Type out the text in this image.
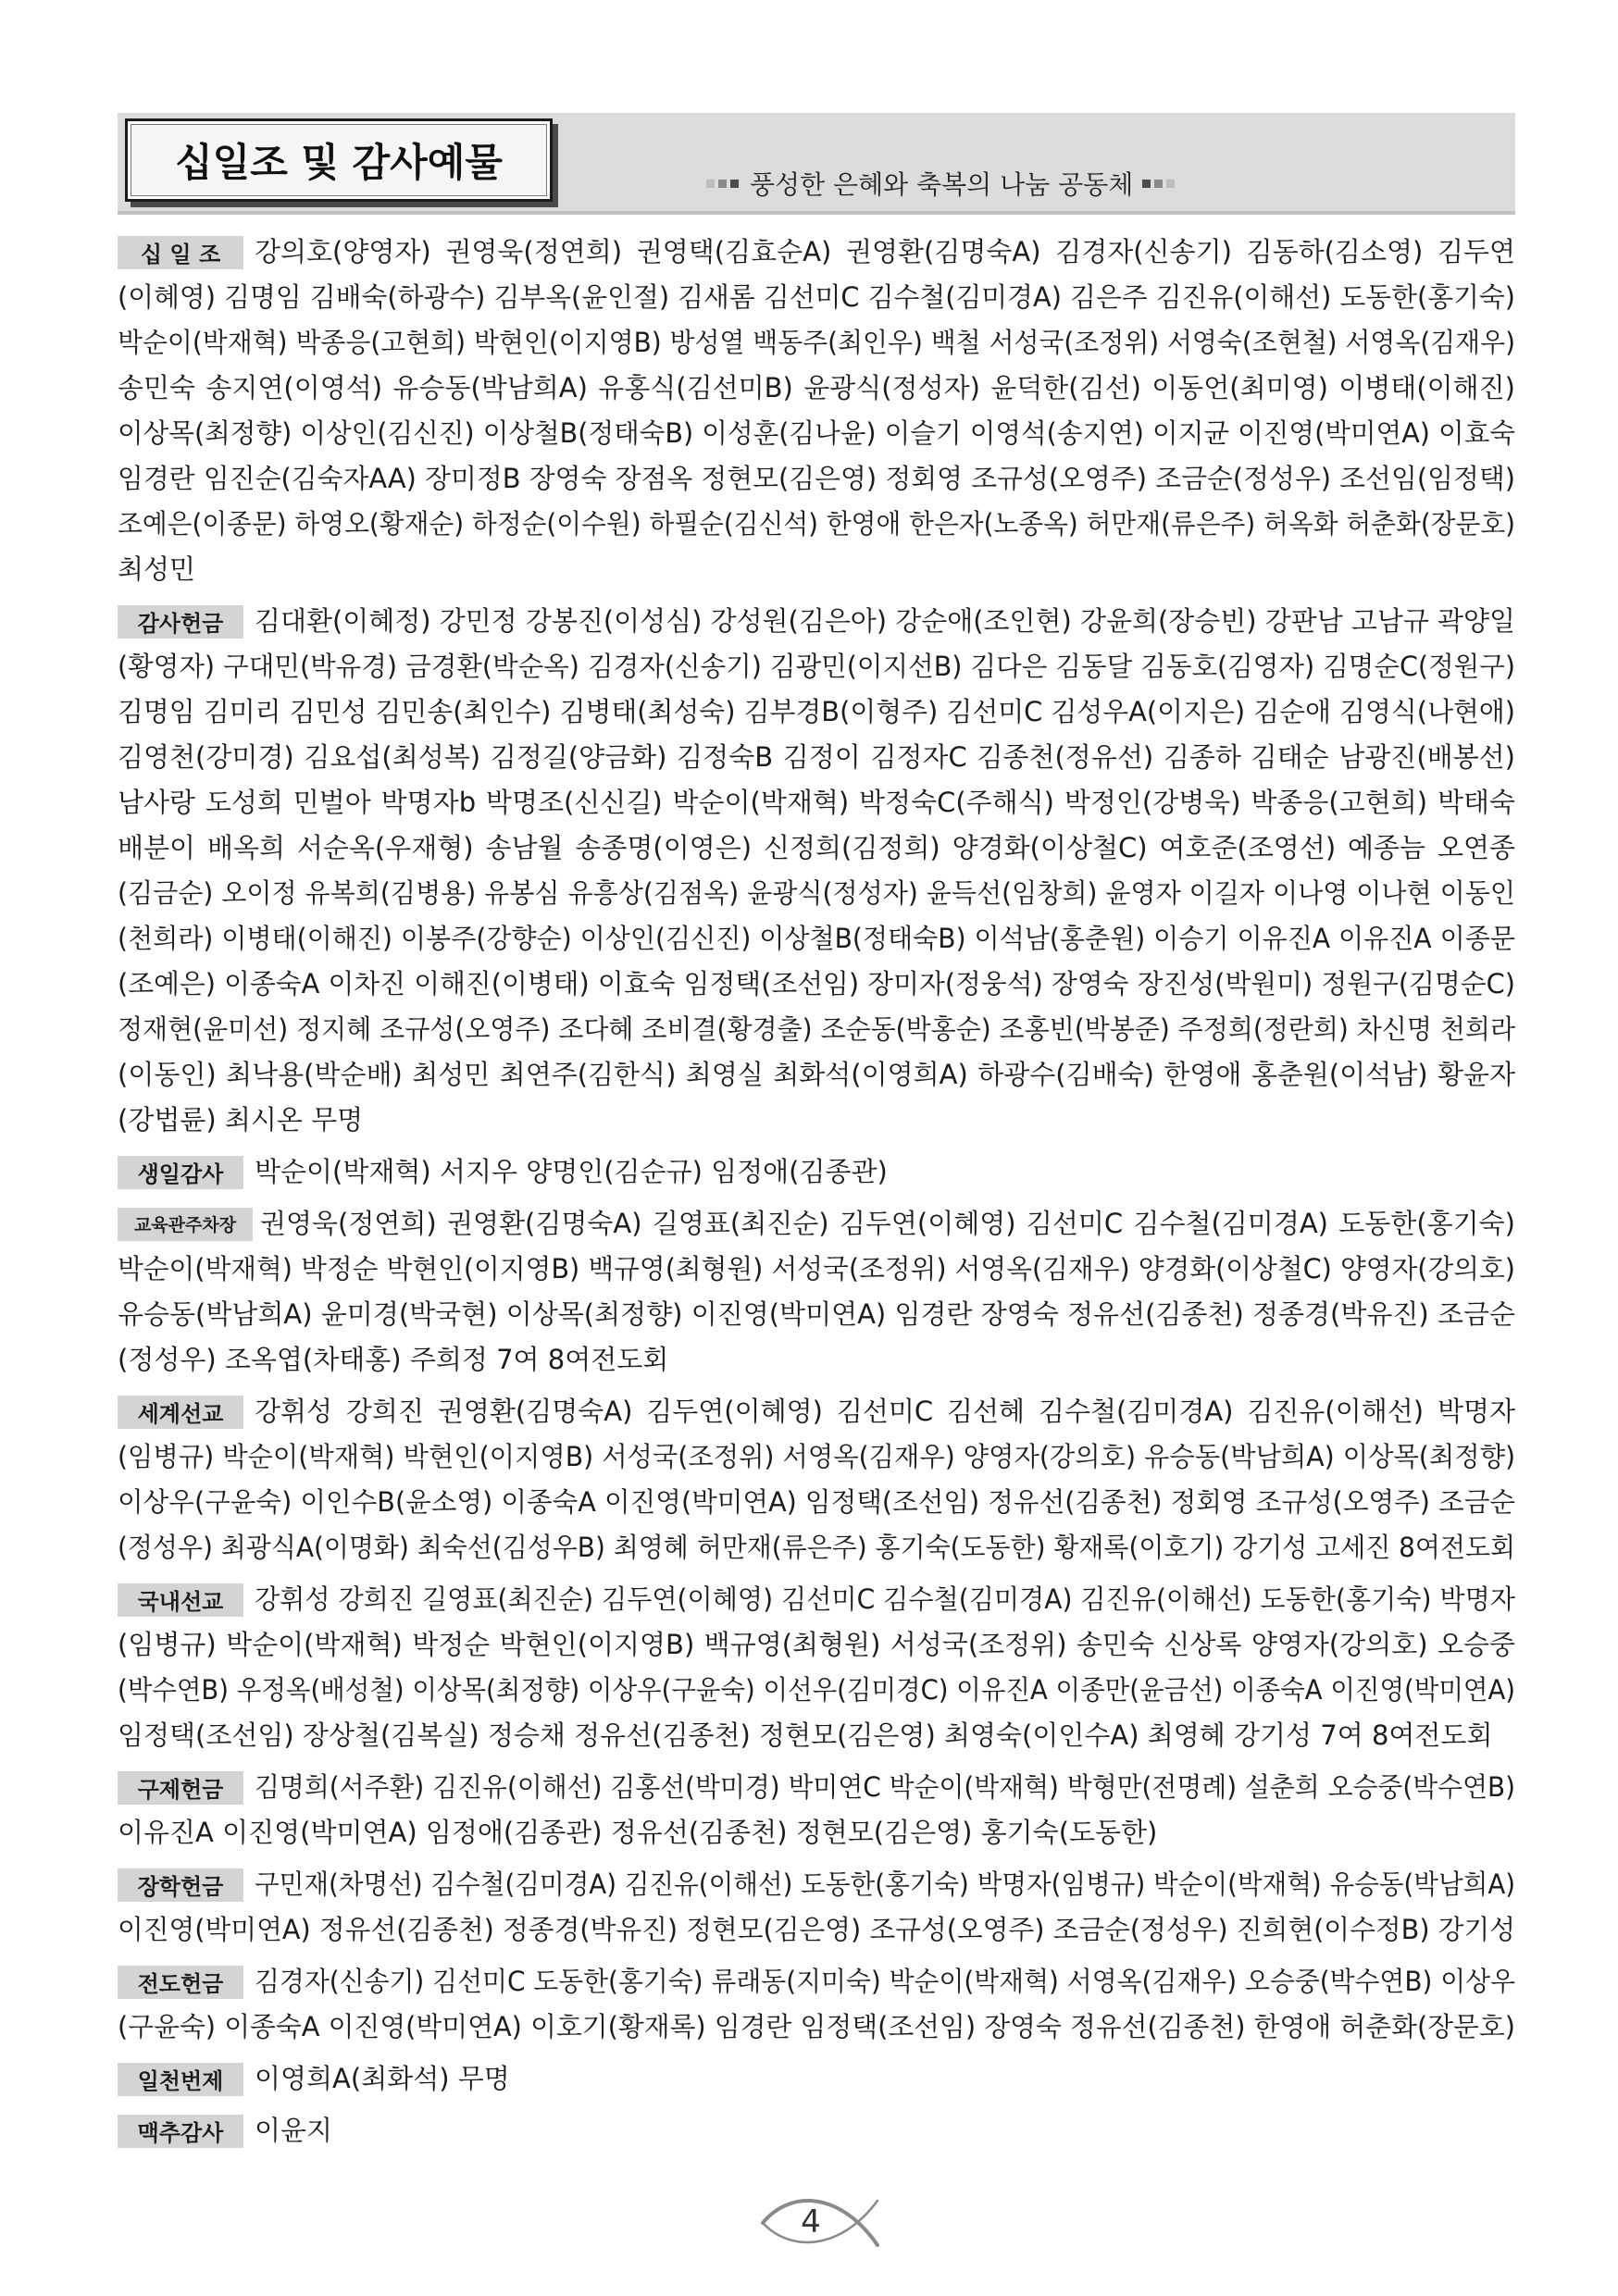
십일조 및 감사예물	풍성한 은혜와 축복의 나눔 공동체
십 일 조	강의호(양영자) 권영욱(정연희) 권영택(김효순A) 권영환(김명숙A) 김경자(신송기) 김동하(김소영) 김두연
(이혜영) 김명임 김배숙(하광수) 김부옥(윤인절) 김새롬 김선미C 김수철(김미경A) 김은주 김진유(이해선) 도동한(홍기숙)
박순이(박재혁) 박종응(고현희) 박현인(이지영B) 방성열 백동주(최인우) 백철 서성국(조정위) 서영숙(조현철) 서영옥(김재우)
송민숙 송지연(이영석) 유승동(박남희A) 유홍식(김선미B) 윤광식(정성자) 윤덕한(김선) 이동언(최미영) 이병태(이해진)
이상목(최정향) 이상인(김신진) 이상철B(정태숙B) 이성훈(김나윤) 이슬기 이영석(송지연) 이지균 이진영(박미연A) 이효숙
임경란 임진순(김숙자AA) 장미정B 장영숙 장점옥 정현모(김은영) 정회영 조규성(오영주) 조금순(정성우) 조선임(임정택)
조예은(이종문) 하영오(황재순) 하정순(이수원) 하필순(김신석) 한영애 한은자(노종옥) 허만재(류은주) 허옥화 허춘화(장문호)
최성민
감사헌금	김대환(이혜정) 강민정 강봉진(이성심) 강성원(김은아) 강순애(조인현) 강윤희(장승빈) 강판남 고남규 곽양일
(황영자) 구대민(박유경) 금경환(박순옥) 김경자(신송기) 김광민(이지선B) 김다은 김동달 김동호(김영자) 김명순C(정원구)
김명임 김미리 김민성 김민송(최인수) 김병태(최성숙) 김부경B(이형주) 김선미C 김성우A(이지은) 김순애 김영식(나현애)
김영천(강미경) 김요섭(최성복) 김정길(양금화) 김정숙B 김정이 김정자C 김종천(정유선) 김종하 김태순 남광진(배봉선)
남사랑 도성희 민벌아 박명자b 박명조(신신길) 박순이(박재혁) 박정숙C(주해식) 박정인(강병욱) 박종응(고현희) 박태숙
배분이 배옥희 서순옥(우재형) 송남월 송종명(이영은) 신정희(김정희) 양경화(이상철C) 여호준(조영선) 예종늠 오연종
(김금순) 오이정 유복희(김병용) 유봉심 유흥상(김점옥) 윤광식(정성자) 윤득선(임창희) 윤영자 이길자 이나영 이나현 이동인
(천희라) 이병태(이해진) 이봉주(강향순) 이상인(김신진) 이상철B(정태숙B) 이석남(홍춘원) 이승기 이유진A 이유진A 이종문
(조예은) 이종숙A 이차진 이해진(이병태) 이효숙 임정택(조선임) 장미자(정웅석) 장영숙 장진성(박원미) 정원구(김명순C)
정재현(윤미선) 정지혜 조규성(오영주) 조다혜 조비결(황경출) 조순동(박홍순) 조홍빈(박봉준) 주정희(정란희) 차신명 천희라
(이동인) 최낙용(박순배) 최성민 최연주(김한식) 최영실 최화석(이영희A) 하광수(김배숙) 한영애 홍춘원(이석남) 황윤자
(강법륜) 최시온 무명
생일감사	박순이(박재혁) 서지우 양명인(김순규) 임정애(김종관)
교육관주차장 권영욱(정연희) 권영환(김명숙A) 길영표(최진순) 김두연(이혜영) 김선미C 김수철(김미경A) 도동한(홍기숙)
박순이(박재혁) 박정순 박현인(이지영B) 백규영(최형원) 서성국(조정위) 서영옥(김재우) 양경화(이상철C) 양영자(강의호)
유승동(박남희A) 윤미경(박국현) 이상목(최정향) 이진영(박미연A) 임경란 장영숙 정유선(김종천) 정종경(박유진) 조금순
(정성우) 조옥엽(차태홍) 주희정 7여 8여전도회
세계선교	강휘성 강희진 권영환(김명숙A) 김두연(이혜영) 김선미C 김선혜 김수철(김미경A) 김진유(이해선) 박명자
(임병규) 박순이(박재혁) 박현인(이지영B) 서성국(조정위) 서영옥(김재우) 양영자(강의호) 유승동(박남희A) 이상목(최정향)
이상우(구윤숙) 이인수B(윤소영) 이종숙A 이진영(박미연A) 임정택(조선임) 정유선(김종천) 정회영 조규성(오영주) 조금순
(정성우) 최광식A(이명화) 최숙선(김성우B) 최영혜 허만재(류은주) 홍기숙(도동한) 황재록(이호기) 강기성 고세진 8여전도회
국내선교	강휘성 강희진 길영표(최진순) 김두연(이혜영) 김선미C 김수철(김미경A) 김진유(이해선) 도동한(홍기숙) 박명자
(임병규) 박순이(박재혁) 박정순 박현인(이지영B) 백규영(최형원) 서성국(조정위) 송민숙 신상록 양영자(강의호) 오승중
(박수연B) 우정옥(배성철) 이상목(최정향) 이상우(구윤숙) 이선우(김미경C) 이유진A 이종만(윤금선) 이종숙A 이진영(박미연A)
임정택(조선임) 장상철(김복실) 정승채 정유선(김종천) 정현모(김은영) 최영숙(이인수A) 최영혜 강기성 7여 8여전도회
구제헌금	김명희(서주환) 김진유(이해선) 김홍선(박미경) 박미연C 박순이(박재혁) 박형만(전명례) 설춘희 오승중(박수연B)
이유진A 이진영(박미연A) 임정애(김종관) 정유선(김종천) 정현모(김은영) 홍기숙(도동한)
장학헌금	구민재(차명선) 김수철(김미경A) 김진유(이해선) 도동한(홍기숙) 박명자(임병규) 박순이(박재혁) 유승동(박남희A)
이진영(박미연A) 정유선(김종천) 정종경(박유진) 정현모(김은영) 조규성(오영주) 조금순(정성우) 진희현(이수정B) 강기성
전도헌금	김경자(신송기) 김선미C 도동한(홍기숙) 류래동(지미숙) 박순이(박재혁) 서영옥(김재우) 오승중(박수연B) 이상우
(구윤숙) 이종숙A 이진영(박미연A) 이호기(황재록) 임경란 임정택(조선임) 장영숙 정유선(김종천) 한영애 허춘화(장문호)
일천번제	이영희A(최화석) 무명
맥추감사	이윤지
4
